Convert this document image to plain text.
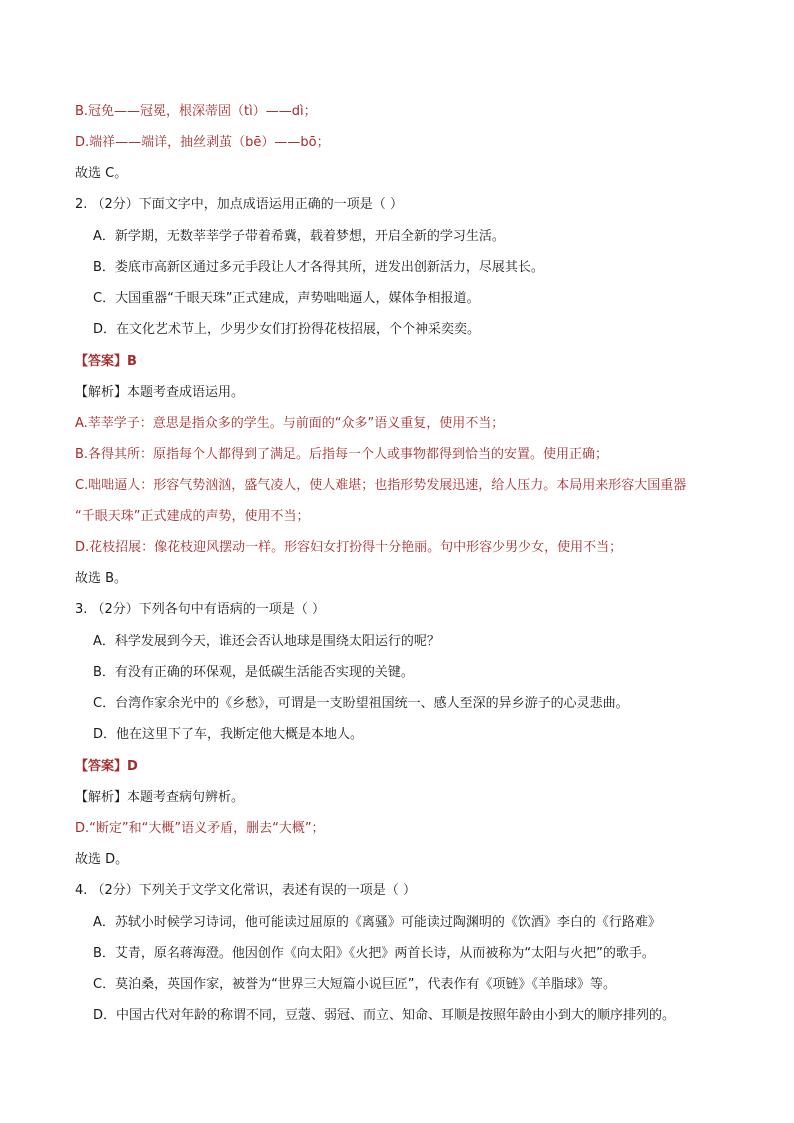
B.冠免——冠冕，根深蒂固（tì）——dì；
D.端祥——端详，抽丝剥茧（bē）——bō；
故选 C。
2. （2分）下面文字中，加点成语运用正确的一项是（ ）
A．新学期，无数莘莘学子带着希冀，载着梦想，开启全新的学习生活。
B．娄底市高新区通过多元手段让人才各得其所，迸发出创新活力，尽展其长。
C．大国重器“千眼天珠”正式建成，声势咄咄逼人，媒体争相报道。
D．在文化艺术节上，少男少女们打扮得花枝招展，个个神采奕奕。
【答案】B
【解析】本题考查成语运用。
A.莘莘学子：意思是指众多的学生。与前面的“众多”语义重复，使用不当；
B.各得其所：原指每个人都得到了满足。后指每一个人或事物都得到恰当的安置。使用正确；
C.咄咄逼人：形容气势汹汹，盛气凌人，使人难堪；也指形势发展迅速，给人压力。本局用来形容大国重器
“千眼天珠”正式建成的声势，使用不当；
D.花枝招展：像花枝迎风摆动一样。形容妇女打扮得十分艳丽。句中形容少男少女，使用不当；
故选 B。
3. （2分）下列各句中有语病的一项是（ ）
A．科学发展到今天，谁还会否认地球是围绕太阳运行的呢？
B．有没有正确的环保观，是低碳生活能否实现的关键。
C．台湾作家余光中的《乡愁》，可谓是一支盼望祖国统一、感人至深的异乡游子的心灵悲曲。
D．他在这里下了车，我断定他大概是本地人。
【答案】D
【解析】本题考查病句辨析。
D.“断定”和“大概”语义矛盾，删去“大概”；
故选 D。
4. （2分）下列关于文学文化常识，表述有误的一项是（ ）
A．苏轼小时候学习诗词，他可能读过屈原的《离骚》可能读过陶渊明的《饮酒》李白的《行路难》
B．艾青，原名蒋海澄。他因创作《向太阳》《火把》两首长诗，从而被称为“太阳与火把”的歌手。
C．莫泊桑，英国作家，被誉为“世界三大短篇小说巨匠”，代表作有《项链》《羊脂球》等。
D．中国古代对年龄的称谓不同，豆蔻、弱冠、而立、知命、耳顺是按照年龄由小到大的顺序排列的。
